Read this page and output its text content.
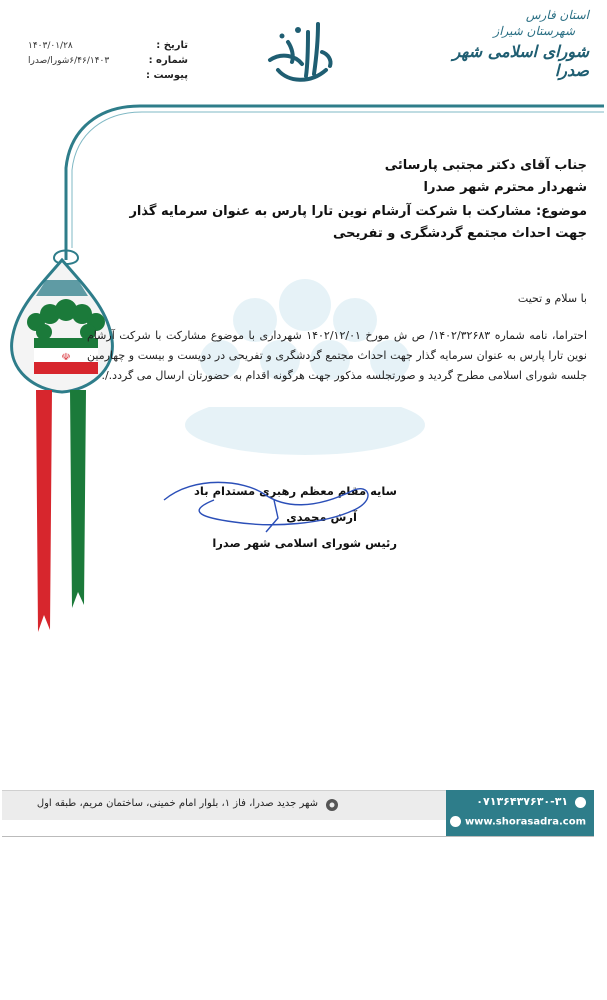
استان فارس
شهرستان شیراز
شورای اسلامی شهر صدرا
تاریخ :
۱۴۰۳/۰۱/۲۸
شماره :
۶/۴۶/۱۴۰۳شورا/صدرا
پیوست :
☫
جناب آقای دکتر مجتبی پارسائی
شهردار محترم شهر صدرا
موضوع: مشارکت با شرکت آرشام نوین تارا پارس به عنوان سرمایه گذار جهت احداث مجتمع گردشگری و تفریحی
با سلام و تحیت
احتراما، نامه شماره ۱۴۰۲/۳۲۶۸۳/ ص ش مورخ ۱۴۰۲/۱۲/۰۱ شهرداری با موضوع مشارکت با شرکت آرشام نوین تارا پارس به عنوان سرمایه گذار جهت احداث مجتمع گردشگری و تفریحی در دویست و بیست و چهارمین جلسه شورای اسلامی مطرح گردید و صورتجلسه مذکور جهت هرگونه اقدام به حضورتان ارسال می گردد./.
سایه مقام معظم رهبری مستدام باد
آرش محمدی
رئیس شورای اسلامی شهر صدرا
شهر جدید صدرا، فاز ۱، بلوار امام خمینی، ساختمان مریم، طبقه اول	۰۷۱۳۶۴۳۷۶۳۰-۳۱
www.shorasadra.com
